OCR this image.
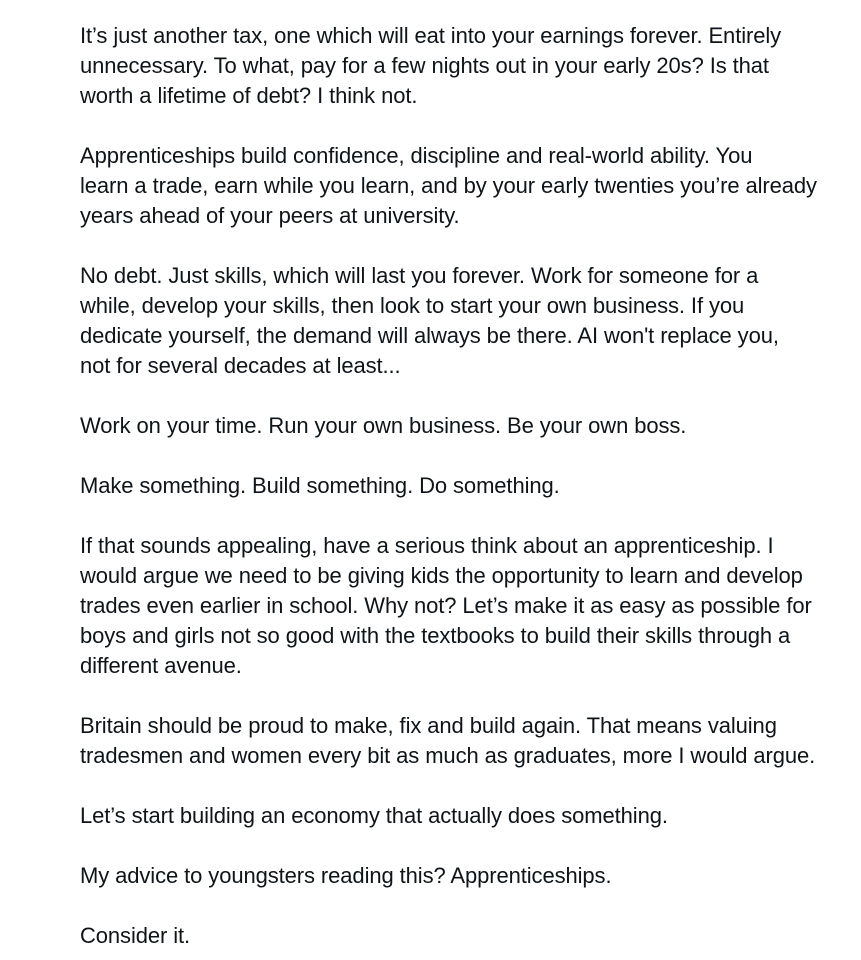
It’s just another tax, one which will eat into your earnings forever. Entirely
unnecessary. To what, pay for a few nights out in your early 20s? Is that
worth a lifetime of debt? I think not.
Apprenticeships build confidence, discipline and real-world ability. You
learn a trade, earn while you learn, and by your early twenties you’re already
years ahead of your peers at university.
No debt. Just skills, which will last you forever. Work for someone for a
while, develop your skills, then look to start your own business. If you
dedicate yourself, the demand will always be there. AI won't replace you,
not for several decades at least...
Work on your time. Run your own business. Be your own boss.
Make something. Build something. Do something.
If that sounds appealing, have a serious think about an apprenticeship. I
would argue we need to be giving kids the opportunity to learn and develop
trades even earlier in school. Why not? Let’s make it as easy as possible for
boys and girls not so good with the textbooks to build their skills through a
different avenue.
Britain should be proud to make, fix and build again. That means valuing
tradesmen and women every bit as much as graduates, more I would argue.
Let’s start building an economy that actually does something.
My advice to youngsters reading this? Apprenticeships.
Consider it.
